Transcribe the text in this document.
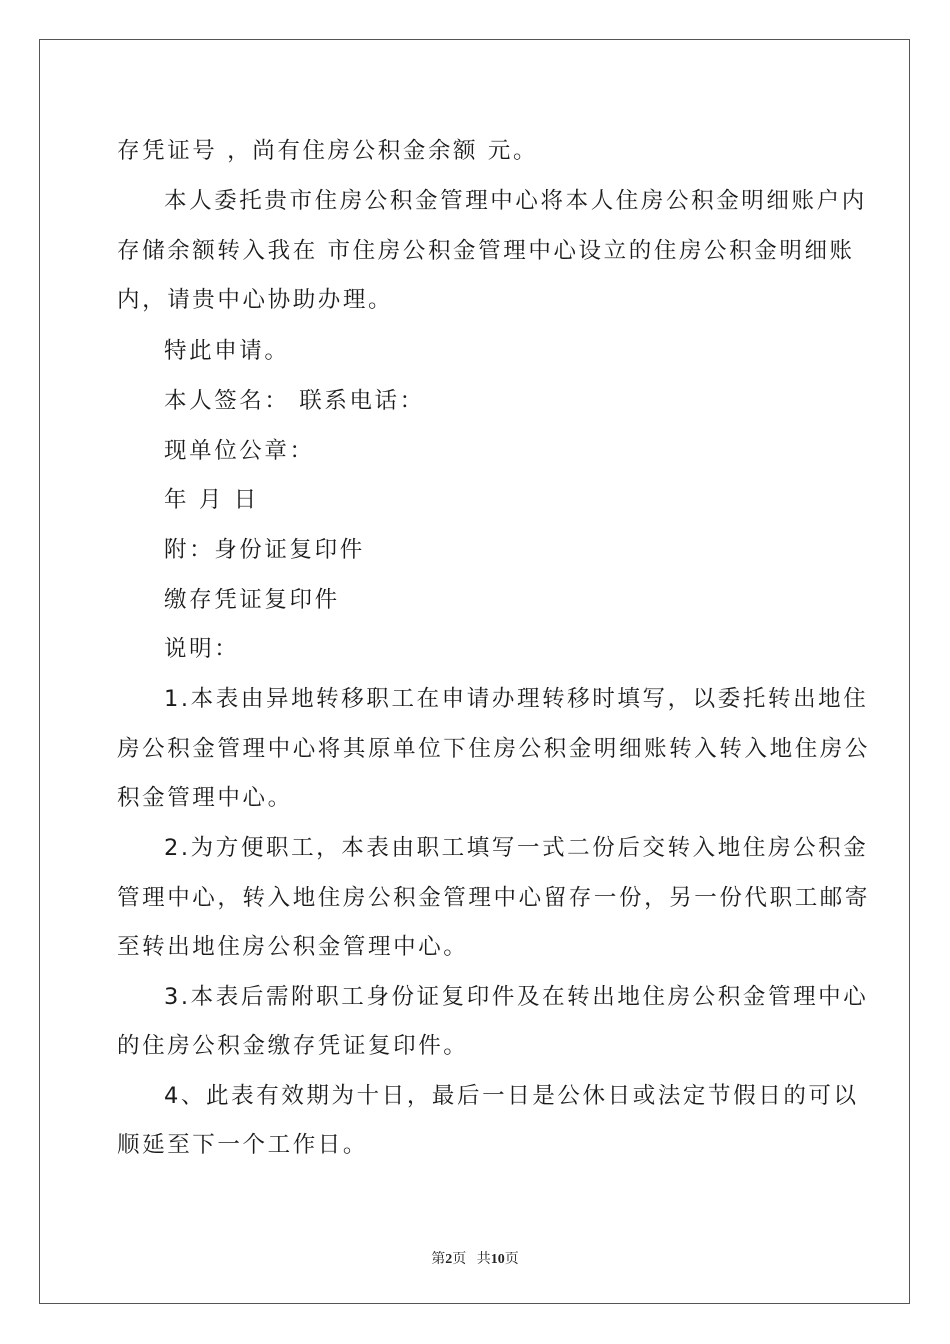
存凭证号 ，尚有住房公积金余额 元。
本人委托贵市住房公积金管理中心将本人住房公积金明细账户内
存储余额转入我在 市住房公积金管理中心设立的住房公积金明细账
内，请贵中心协助办理。
特此申请。
本人签名： 联系电话：
现单位公章：
年 月 日
附：身份证复印件
缴存凭证复印件
说明：
1.本表由异地转移职工在申请办理转移时填写，以委托转出地住
房公积金管理中心将其原单位下住房公积金明细账转入转入地住房公
积金管理中心。
2.为方便职工，本表由职工填写一式二份后交转入地住房公积金
管理中心，转入地住房公积金管理中心留存一份，另一份代职工邮寄
至转出地住房公积金管理中心。
3.本表后需附职工身份证复印件及在转出地住房公积金管理中心
的住房公积金缴存凭证复印件。
4、此表有效期为十日，最后一日是公休日或法定节假日的可以
顺延至下一个工作日。
第2页 共10页
